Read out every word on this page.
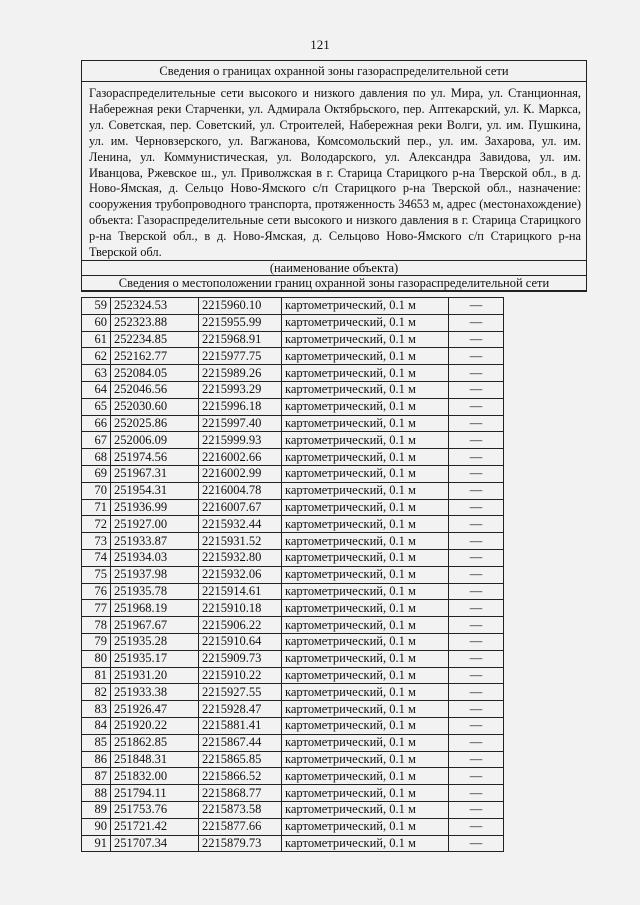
121
Сведения о границах охранной зоны газораспределительной сети
Газораспределительные сети высокого и низкого давления по ул. Мира, ул. Станционная, Набережная реки Старченки, ул. Адмирала Октябрьского, пер. Аптекарский, ул. К. Маркса, ул. Советская, пер. Советский, ул. Строителей, Набережная реки Волги, ул. им. Пушкина, ул. им. Черновзерского, ул. Вагжанова, Комсомольский пер., ул. им. Захарова, ул. им. Ленина, ул. Коммунистическая, ул. Володарского, ул. Александра Завидова, ул. им. Иванцова, Ржевское ш., ул. Приволжская в г. Старица Старицкого р-на Тверской обл., в д. Ново-Ямская, д. Сельцо Ново-Ямского с/п Старицкого р-на Тверской обл., назначение: сооружения трубопроводного транспорта, протяженность 34653 м, адрес (местонахождение) объекта: Газораспределительные сети высокого и низкого давления в г. Старица Старицкого р-на Тверской обл., в д. Ново-Ямская, д. Сельцово Ново-Ямского с/п Старицкого р-на Тверской обл.
(наименование объекта)
Сведения о местоположении границ охранной зоны газораспределительной сети
59	252324.53	2215960.10	картометрический, 0.1 м	—
60	252323.88	2215955.99	картометрический, 0.1 м	—
61	252234.85	2215968.91	картометрический, 0.1 м	—
62	252162.77	2215977.75	картометрический, 0.1 м	—
63	252084.05	2215989.26	картометрический, 0.1 м	—
64	252046.56	2215993.29	картометрический, 0.1 м	—
65	252030.60	2215996.18	картометрический, 0.1 м	—
66	252025.86	2215997.40	картометрический, 0.1 м	—
67	252006.09	2215999.93	картометрический, 0.1 м	—
68	251974.56	2216002.66	картометрический, 0.1 м	—
69	251967.31	2216002.99	картометрический, 0.1 м	—
70	251954.31	2216004.78	картометрический, 0.1 м	—
71	251936.99	2216007.67	картометрический, 0.1 м	—
72	251927.00	2215932.44	картометрический, 0.1 м	—
73	251933.87	2215931.52	картометрический, 0.1 м	—
74	251934.03	2215932.80	картометрический, 0.1 м	—
75	251937.98	2215932.06	картометрический, 0.1 м	—
76	251935.78	2215914.61	картометрический, 0.1 м	—
77	251968.19	2215910.18	картометрический, 0.1 м	—
78	251967.67	2215906.22	картометрический, 0.1 м	—
79	251935.28	2215910.64	картометрический, 0.1 м	—
80	251935.17	2215909.73	картометрический, 0.1 м	—
81	251931.20	2215910.22	картометрический, 0.1 м	—
82	251933.38	2215927.55	картометрический, 0.1 м	—
83	251926.47	2215928.47	картометрический, 0.1 м	—
84	251920.22	2215881.41	картометрический, 0.1 м	—
85	251862.85	2215867.44	картометрический, 0.1 м	—
86	251848.31	2215865.85	картометрический, 0.1 м	—
87	251832.00	2215866.52	картометрический, 0.1 м	—
88	251794.11	2215868.77	картометрический, 0.1 м	—
89	251753.76	2215873.58	картометрический, 0.1 м	—
90	251721.42	2215877.66	картометрический, 0.1 м	—
91	251707.34	2215879.73	картометрический, 0.1 м	—
